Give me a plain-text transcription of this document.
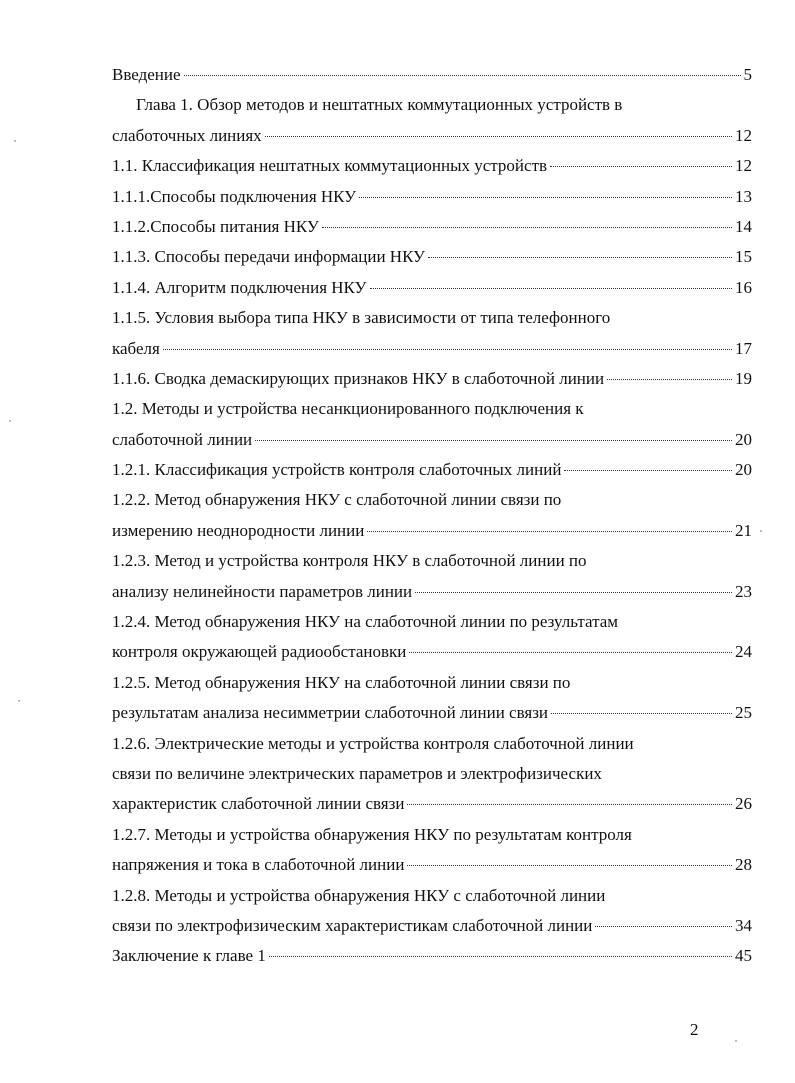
Введение	5
Глава 1. Обзор методов и нештатных коммутационных устройств в
слаботочных линиях	12
1.1. Классификация нештатных коммутационных устройств	12
1.1.1.Способы подключения НКУ	13
1.1.2.Способы питания НКУ	14
1.1.3. Способы передачи информации НКУ	15
1.1.4. Алгоритм подключения НКУ	16
1.1.5. Условия выбора типа НКУ в зависимости от типа телефонного
кабеля	17
1.1.6. Сводка демаскирующих признаков НКУ в слаботочной линии	19
1.2. Методы и устройства несанкционированного подключения к
слаботочной линии	20
1.2.1. Классификация устройств контроля слаботочных линий	20
1.2.2. Метод обнаружения НКУ с слаботочной линии связи по
измерению неоднородности линии	21
1.2.3. Метод и устройства контроля НКУ в слаботочной линии по
анализу нелинейности параметров линии	23
1.2.4. Метод обнаружения НКУ на слаботочной линии по результатам
контроля окружающей радиообстановки	24
1.2.5. Метод обнаружения НКУ на слаботочной линии связи по
результатам анализа несимметрии слаботочной линии связи	25
1.2.6. Электрические методы и устройства контроля слаботочной линии
связи по величине электрических параметров и электрофизических
характеристик слаботочной линии связи	26
1.2.7. Методы и устройства обнаружения НКУ по результатам контроля
напряжения и тока в слаботочной линии	28
1.2.8. Методы и устройства обнаружения НКУ с слаботочной линии
связи по электрофизическим характеристикам слаботочной линии	34
Заключение к главе 1	45
2
